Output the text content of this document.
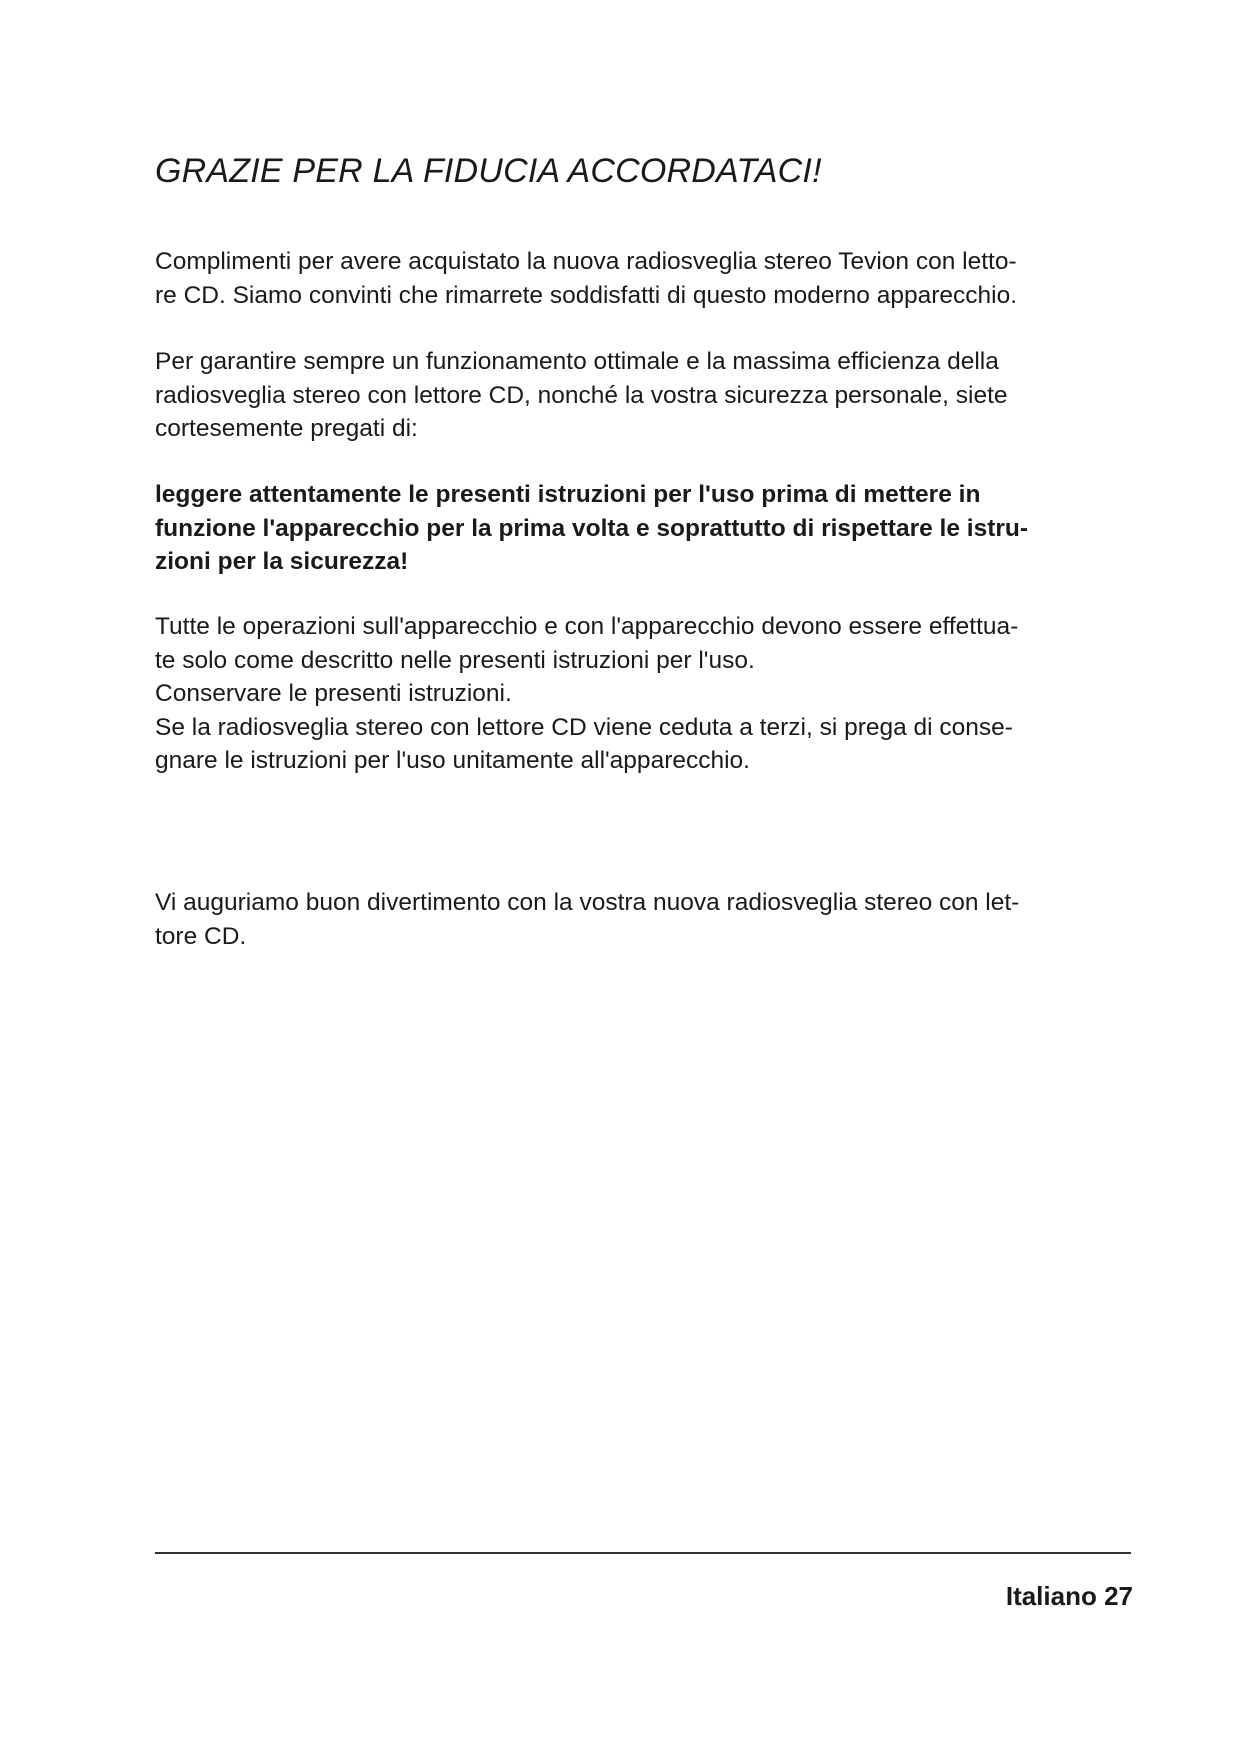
GRAZIE PER LA FIDUCIA ACCORDATACI!
Complimenti per avere acquistato la nuova radiosveglia stereo Tevion con letto-
re CD. Siamo convinti che rimarrete soddisfatti di questo moderno apparecchio.
Per garantire sempre un funzionamento ottimale e la massima efficienza della
radiosveglia stereo con lettore CD, nonché la vostra sicurezza personale, siete
cortesemente pregati di:
leggere attentamente le presenti istruzioni per l'uso prima di mettere in
funzione l'apparecchio per la prima volta e soprattutto di rispettare le istru-
zioni per la sicurezza!
Tutte le operazioni sull'apparecchio e con l'apparecchio devono essere effettua-
te solo come descritto nelle presenti istruzioni per l'uso.
Conservare le presenti istruzioni.
Se la radiosveglia stereo con lettore CD viene ceduta a terzi, si prega di conse-
gnare le istruzioni per l'uso unitamente all'apparecchio.
Vi auguriamo buon divertimento con la vostra nuova radiosveglia stereo con let-
tore CD.
Italiano 27
